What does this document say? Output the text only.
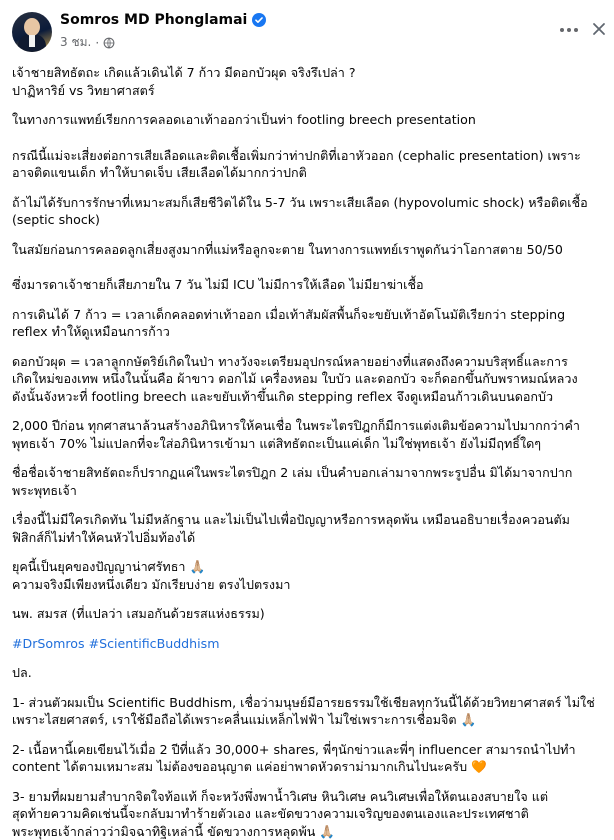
Somros MD Phonglamai
3 ชม. ·

เจ้าชายสิทธัตถะ เกิดแล้วเดินได้ 7 ก้าว มีดอกบัวผุด จริงรึเปล่า ?

ปาฏิหาริย์ vs วิทยาศาสตร์

ในทางการแพทย์เรียกการคลอดเอาเท้าออกว่าเป็นท่า footling breech presentation

กรณีนี้แม่จะเสี่ยงต่อการเสียเลือดและติดเชื้อเพิ่มกว่าท่าปกติที่เอาหัวออก (cephalic presentation) เพราะ

อาจติดแขนเด็ก ทำให้บาดเจ็บ เสียเลือดได้มากกว่าปกติ

ถ้าไม่ได้รับการรักษาที่เหมาะสมก็เสียชีวิตได้ใน 5-7 วัน เพราะเสียเลือด (hypovolumic shock) หรือติดเชื้อ

(septic shock)

ในสมัยก่อนการคลอดลูกเสี่ยงสูงมากที่แม่หรือลูกจะตาย ในทางการแพทย์เราพูดกันว่าโอกาสตาย 50/50

ซึ่งมารดาเจ้าชายก็เสียภายใน 7 วัน ไม่มี ICU ไม่มีการให้เลือด ไม่มียาฆ่าเชื้อ

การเดินได้ 7 ก้าว = เวลาเด็กคลอดท่าเท้าออก เมื่อเท้าสัมผัสพื้นก็จะขยับเท้าอัตโนมัติเรียกว่า stepping

reflex ทำให้ดูเหมือนการก้าว

ดอกบัวผุด = เวลาลูกกษัตริย์เกิดในป่า ทางวังจะเตรียมอุปกรณ์หลายอย่างที่แสดงถึงความบริสุทธิ์และการ

เกิดใหม่ของเทพ หนึ่งในนั้นคือ ผ้าขาว ดอกไม้ เครื่องหอม ใบบัว และดอกบัว จะก็ดอกขึ้นกับพราหมณ์หลวง

ดังนั้นจังหวะที่ footling breech และขยับเท้าขึ้นเกิด stepping reflex จึงดูเหมือนก้าวเดินบนดอกบัว

2,000 ปีก่อน ทุกศาสนาล้วนสร้างอภินิหารให้คนเชื่อ ในพระไตรปิฎกก็มีการแต่งเติมข้อความไปมากกว่าคำ

พุทธเจ้า 70% ไม่แปลกที่จะใส่อภินิหารเข้ามา แต่สิทธัตถะเป็นแค่เด็ก ไม่ใช่พุทธเจ้า ยังไม่มีฤทธิ์ใดๆ

ชื่อชื่อเจ้าชายสิทธัตถะก็ปรากฏแค่ในพระไตรปิฎก 2 เล่ม เป็นคำบอกเล่ามาจากพระรูปอื่น มิได้มาจากปาก

พระพุทธเจ้า

เรื่องนี้ไม่มีใครเกิดทัน ไม่มีหลักฐาน และไม่เป็นไปเพื่อปัญญาหรือการหลุดพ้น เหมือนอธิบายเรื่องควอนตัม

ฟิสิกส์ก็ไม่ทำให้คนหัวไปอิ่มท้องได้

ยุคนี้เป็นยุคของปัญญาน่าศรัทธา 🙏🏼

ความจริงมีเพียงหนึ่งเดียว มักเรียบง่าย ตรงไปตรงมา

นพ. สมรส (ที่แปลว่า เสมอกันด้วยรสแห่งธรรม)

#DrSomros #ScientificBuddhism

ปล.

1- ส่วนตัวผมเป็น Scientific Buddhism, เชื่อว่ามนุษย์มีอารยธรรมใช้เชียลทุกวันนี้ได้ด้วยวิทยาศาสตร์ ไม่ใช่

เพราะไสยศาสตร์, เราใช้มือถือได้เพราะคลื่นแม่เหล็กไฟฟ้า ไม่ใช่เพราะการเชื่อมจิต 🙏🏼

2- เนื้อหานี้เคยเขียนไว้เมื่อ 2 ปีที่แล้ว 30,000+ shares, พี่ๆนักข่าวและพี่ๆ influencer สามารถนำไปทำ

content ได้ตามเหมาะสม ไม่ต้องขออนุญาต แค่อย่าพาดหัวดราม่ามากเกินไปนะครับ 🧡

3- ยามที่ผมยามสำบากจิตใจท้อแท้ ก็จะหวังพึ่งพาน้ำวิเศษ หินวิเศษ คนวิเศษเพื่อให้ตนเองสบายใจ แต่

สุดท้ายความคิดเช่นนี้จะกลับมาทำร้ายตัวเอง และขัดขวางความเจริญของตนเองและประเทศชาติ

พระพุทธเจ้ากล่าวว่ามิจฉาทิฐิเหล่านี้ ขัดขวางการหลุดพ้น 🙏🏼
